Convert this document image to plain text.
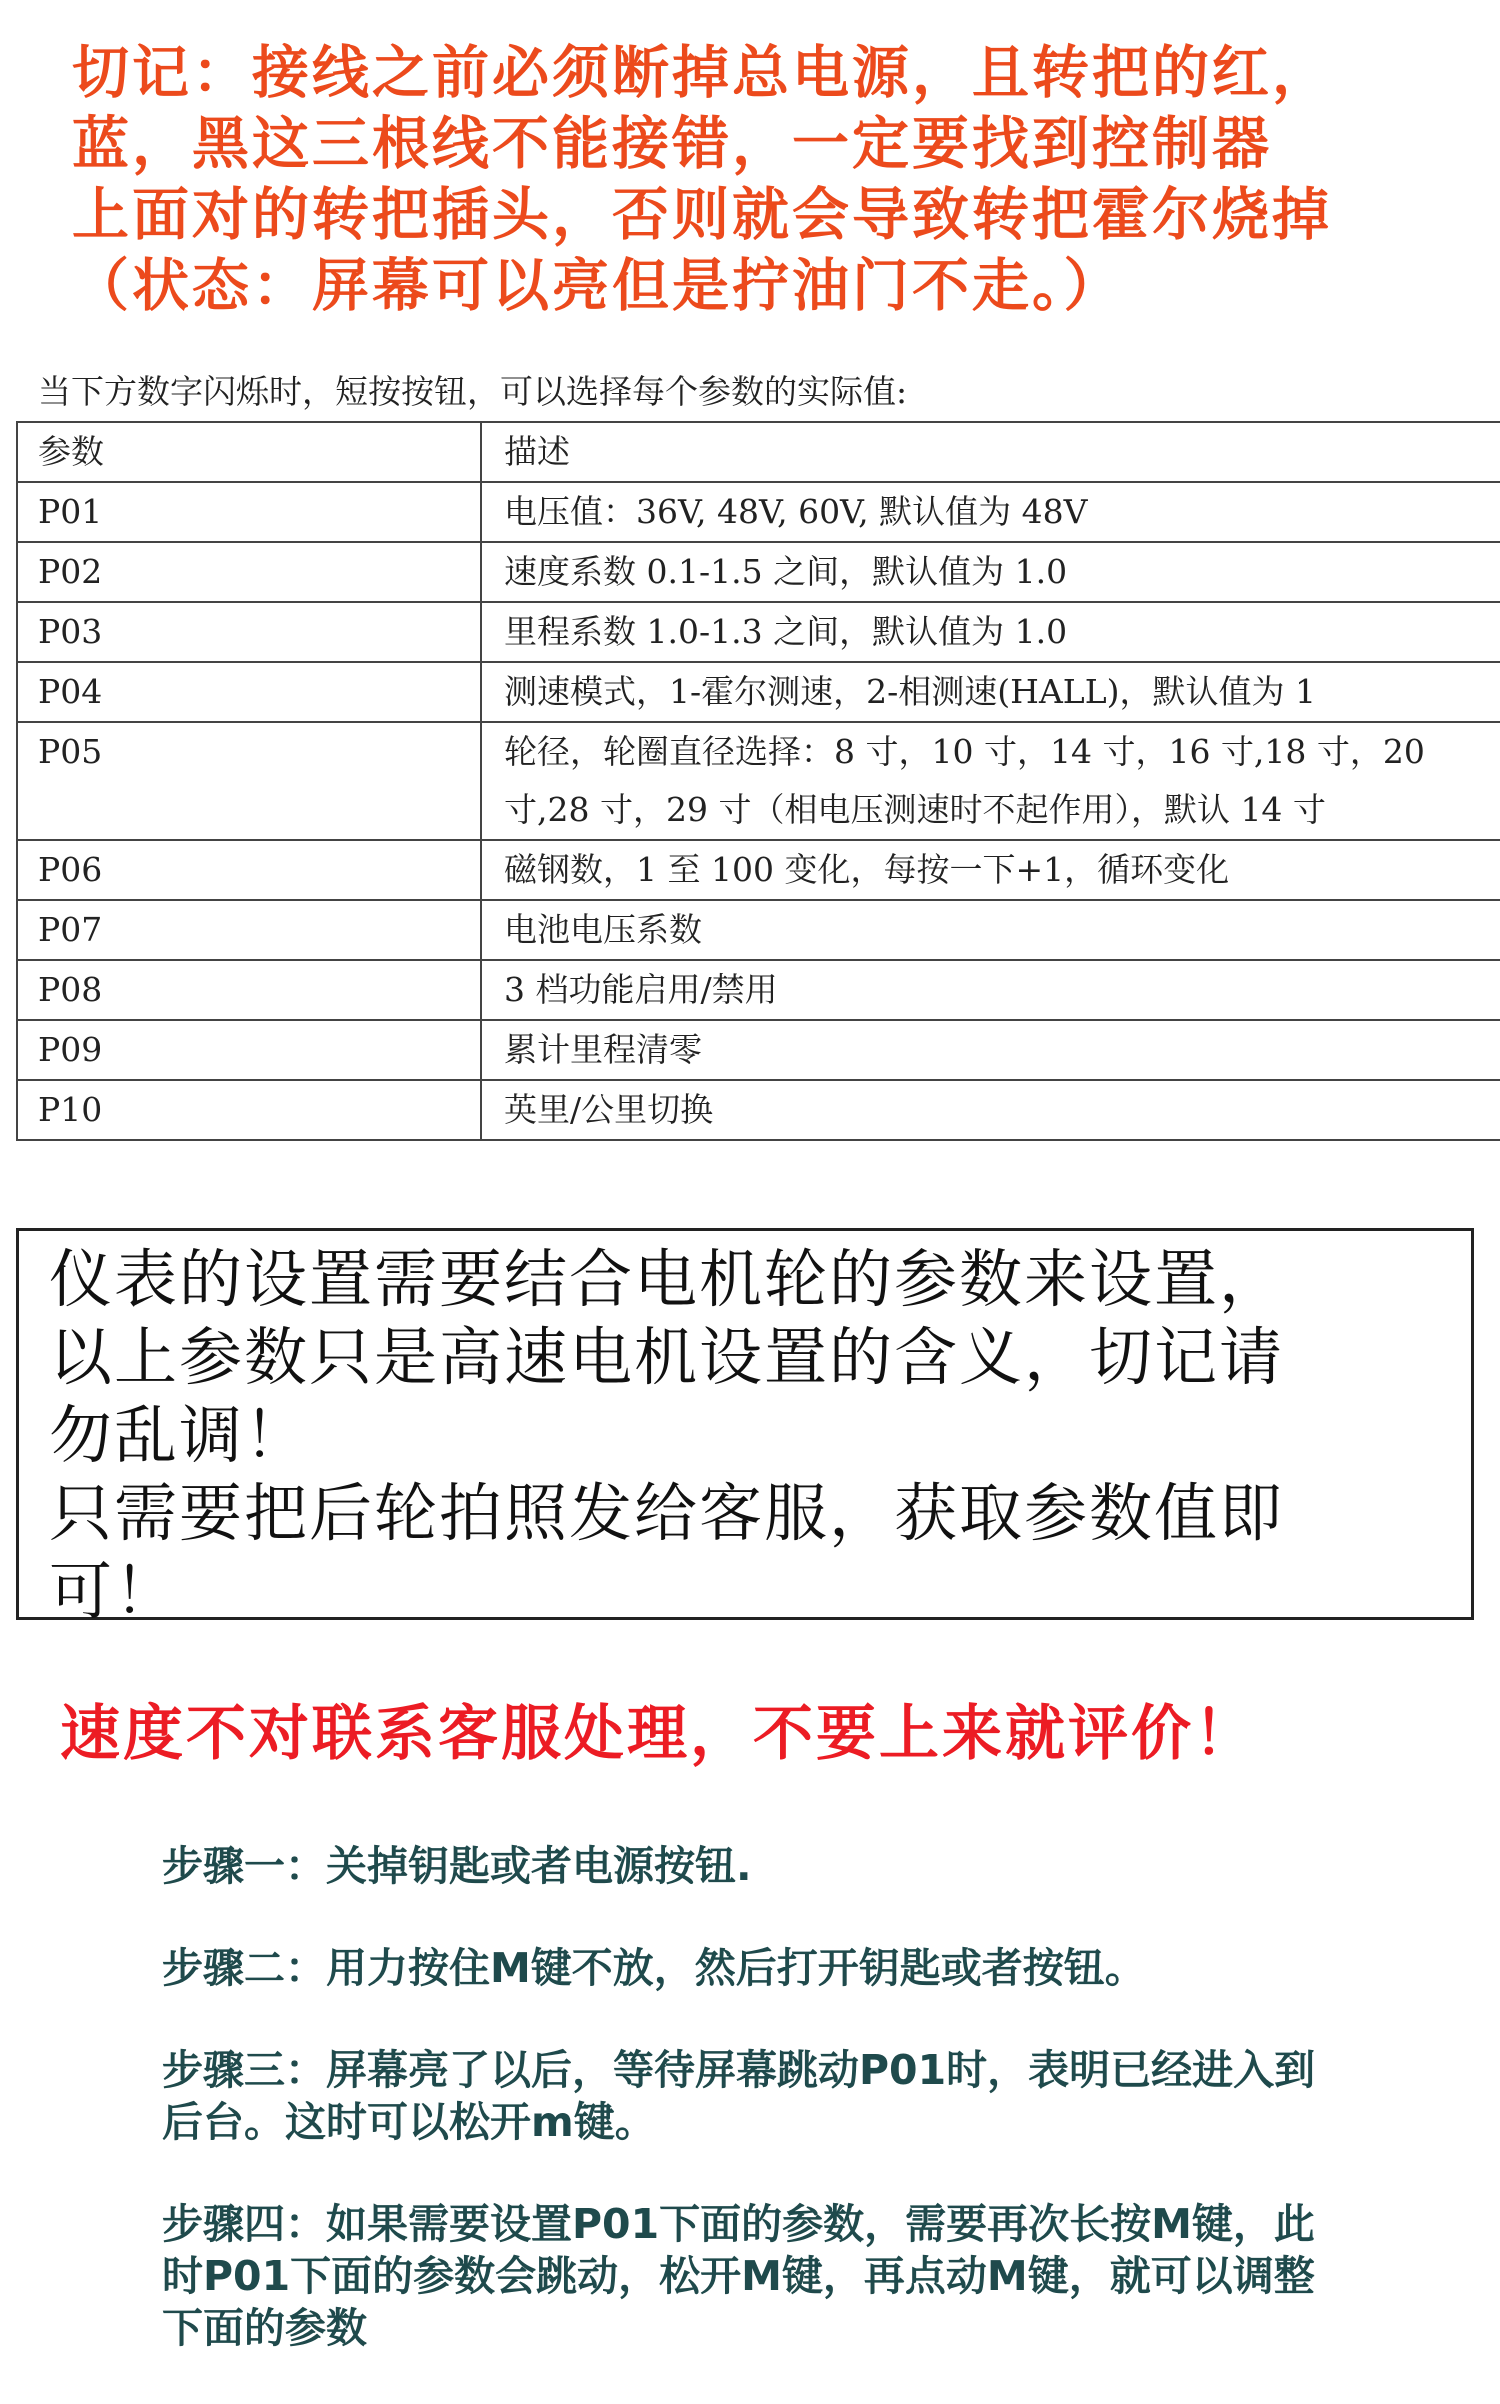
切记：接线之前必须断掉总电源，且转把的红，
蓝，黑这三根线不能接错，一定要找到控制器
上面对的转把插头，否则就会导致转把霍尔烧掉
（状态：屏幕可以亮但是拧油门不走。）
当下方数字闪烁时，短按按钮，可以选择每个参数的实际值:
参数	描述
P01	电压值：36V, 48V, 60V, 默认值为 48V

P02	速度系数 0.1-1.5 之间，默认值为 1.0

P03	里程系数 1.0-1.3 之间，默认值为 1.0

P04	测速模式，1-霍尔测速，2-相测速(HALL)，默认值为 1

P05	轮径，轮圈直径选择：8 寸，10 寸，14 寸，16 寸,18 寸，20
寸,28 寸，29 寸（相电压测速时不起作用），默认 14 寸

P06	磁钢数，1 至 100 变化，每按一下+1，循环变化

P07	电池电压系数

P08	3 档功能启用/禁用

P09	累计里程清零

P10	英里/公里切换
仪表的设置需要结合电机轮的参数来设置，
以上参数只是高速电机设置的含义，切记请
勿乱调！
只需要把后轮拍照发给客服，获取参数值即
可！
速度不对联系客服处理，不要上来就评价！
步骤一：关掉钥匙或者电源按钮.
步骤二：用力按住M键不放，然后打开钥匙或者按钮。
步骤三：屏幕亮了以后，等待屏幕跳动P01时，表明已经进入到
后台。这时可以松开m键。
步骤四：如果需要设置P01下面的参数，需要再次长按M键，此
时P01下面的参数会跳动，松开M键，再点动M键，就可以调整
下面的参数
